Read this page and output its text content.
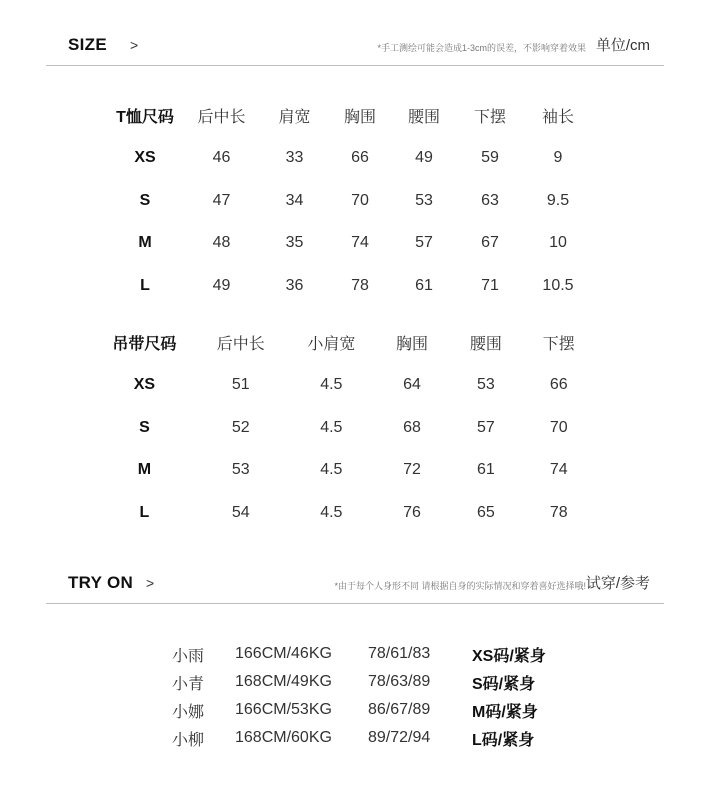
SIZE >	*手工测绘可能会造成1-3cm的误差，不影响穿着效果 单位/cm
T恤尺码	后中长	肩宽	胸围	腰围	下摆	袖长
XS	46	33	66	49	59	9
S	47	34	70	53	63	9.5
M	48	35	74	57	67	10
L	49	36	78	61	71	10.5
吊带尺码	后中长	小肩宽	胸围	腰围	下摆
XS	51	4.5	64	53	66
S	52	4.5	68	57	70
M	53	4.5	72	61	74
L	54	4.5	76	65	78
TRY ON >	*由于每个人身形不同 请根据自身的实际情况和穿着喜好选择哦! 试穿/参考
小雨	166CM/46KG	78/61/83	XS码/紧身
小青	168CM/49KG	78/63/89	S码/紧身
小娜	166CM/53KG	86/67/89	M码/紧身
小柳	168CM/60KG	89/72/94	L码/紧身
